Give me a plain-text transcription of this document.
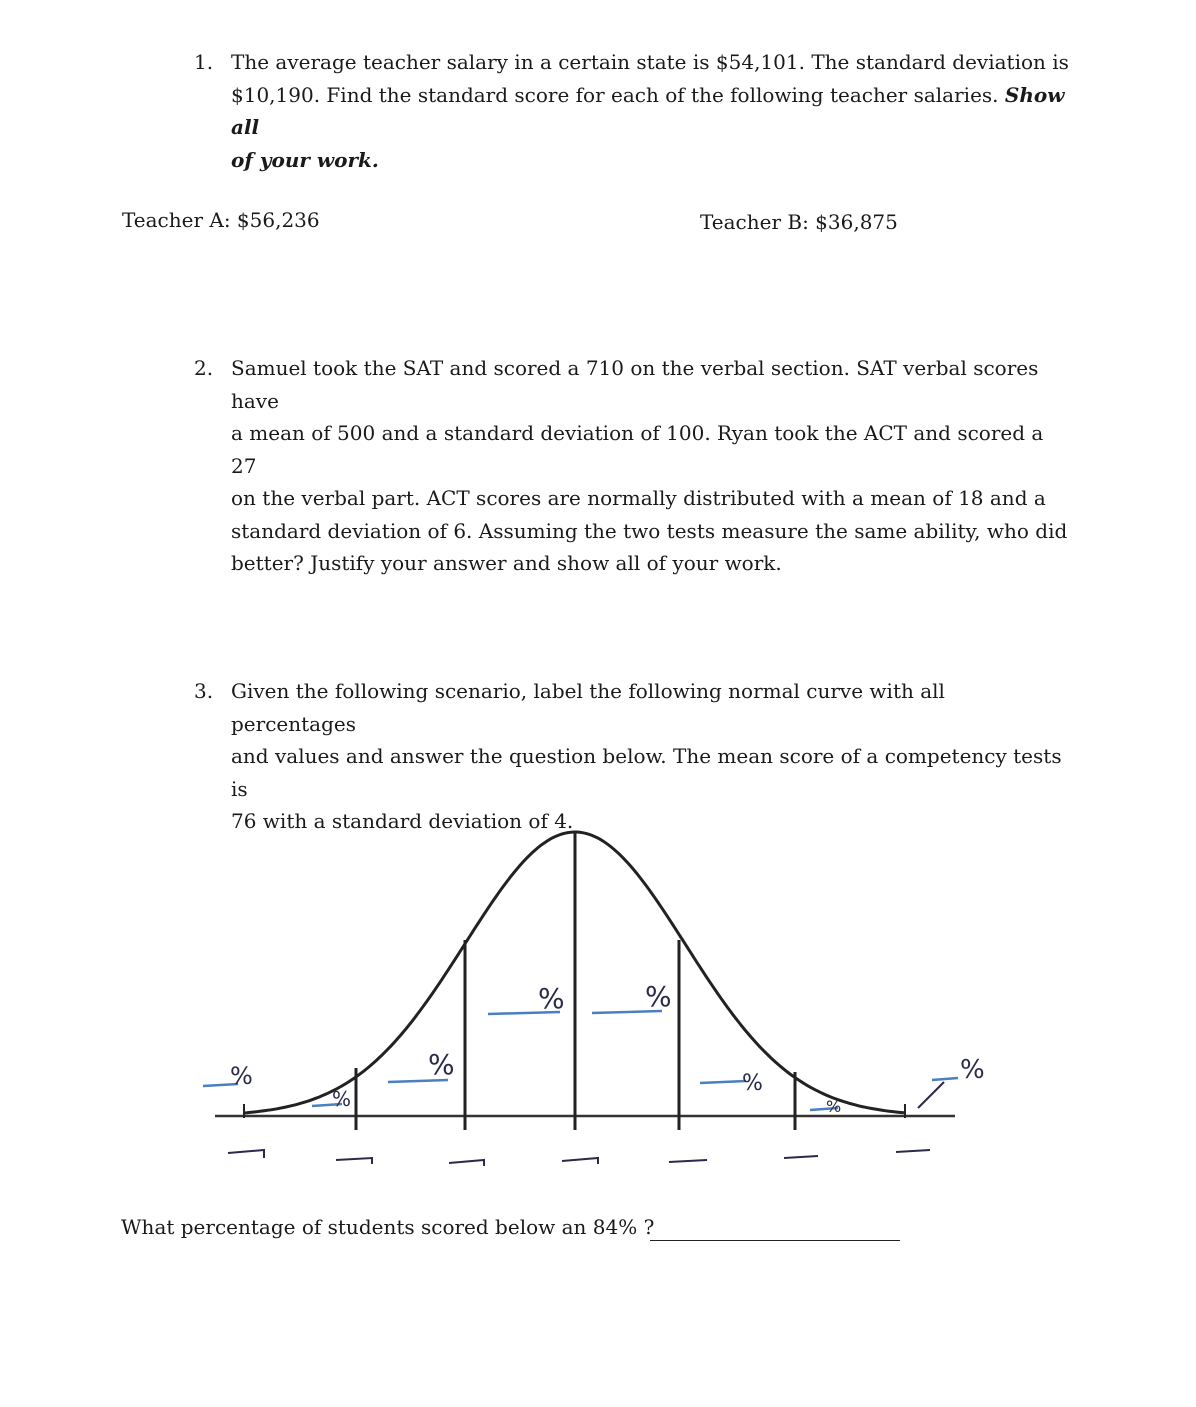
1. The average teacher salary in a certain state is $54,101. The standard deviation is
$10,190. Find the standard score for each of the following teacher salaries. Show all
of your work.
Teacher A: $56,236	Teacher B: $36,875
2. Samuel took the SAT and scored a 710 on the verbal section. SAT verbal scores have
a mean of 500 and a standard deviation of 100. Ryan took the ACT and scored a 27
on the verbal part. ACT scores are normally distributed with a mean of 18 and a
standard deviation of 6. Assuming the two tests measure the same ability, who did
better? Justify your answer and show all of your work.
3. Given the following scenario, label the following normal curve with all percentages
and values and answer the question below. The mean score of a competency tests is
76 with a standard deviation of 4.
%	%
%
%
%	%
%	%
What percentage of students scored below an 84% ?
